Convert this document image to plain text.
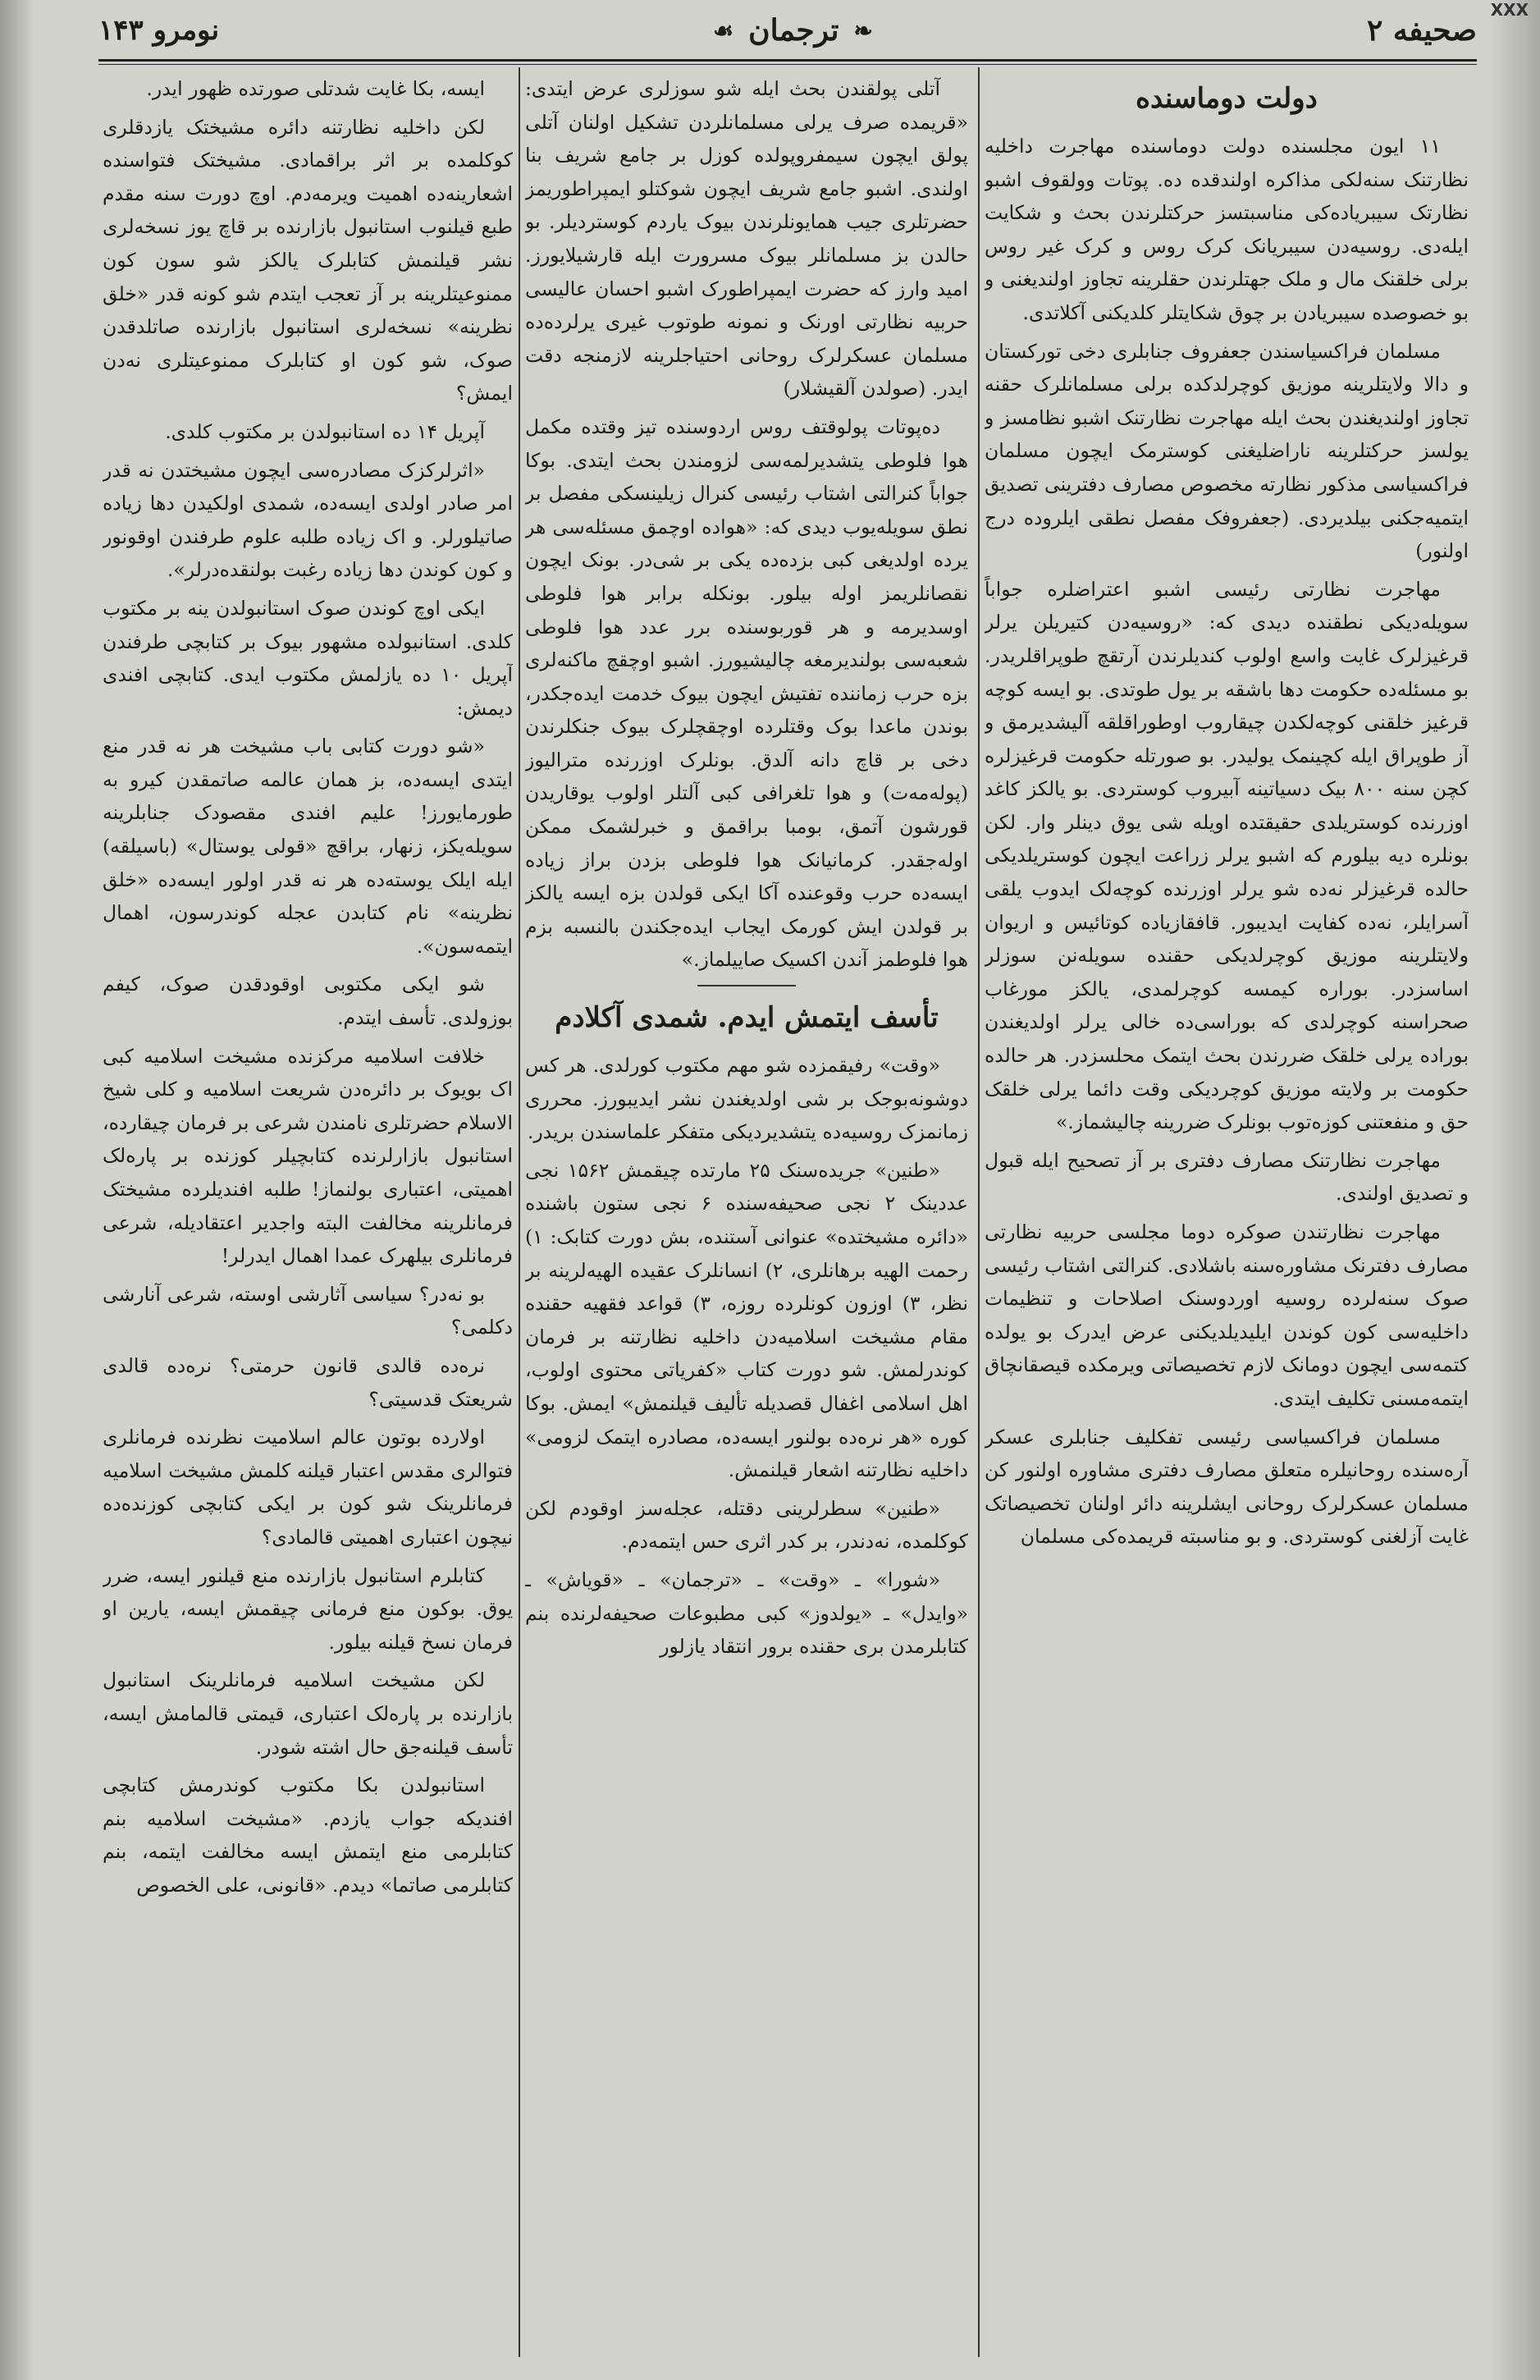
XXX
صحیفه ۲
❧
ترجمان
☙
نومرو ۱۴۳
دولت دوماسنده

۱۱ ایون مجلسنده دولت دوماسنده مهاجرت داخلیه نظارتنک سنه‌لکی مذاکره اولندقده ده. پوتات وولقوف اشبو نظارتک سیبریاده‌کی مناسبتسز حرکتلرندن بحث و شکایت ایله‌دی. روسیه‌دن سیبریانک کرک روس و کرک غیر روس برلی خلقنک مال و ملک جهتلرندن حقلرینه تجاوز اولندیغنی و بو خصوصده سیبریادن بر چوق شکایتلر کلدیکنی آکلاتدی.

مسلمان فراکسیاسندن جعفروف جنابلری دخی تورکستان و دالا ولایتلرینه موزیق کوچرلدکده برلی مسلمانلرک حقنه تجاوز اولندیغندن بحث ایله مهاجرت نظارتنک اشبو نظامسز و یولسز حرکتلرینه ناراضلیغنی کوسترمک ایچون مسلمان فراکسیاسی مذکور نظارته مخصوص مصارف دفترینی تصدیق ایتمیه‌جکنی بیلدیردی. (جعفروفک مفصل نطقی ایلروده درج اولنور)

مهاجرت نظارتی رئیسی اشبو اعتراضلره جواباً سویله‌دیکی نطقنده دیدی که: «روسیه‌دن کتیریلن یرلر قرغیزلرک غایت واسع اولوب کندیلرندن آرتقچ طوپراقلریدر. بو مسئله‌ده حکومت دها باشقه بر یول طوتدی. بو ایسه کوچه قرغیز خلقنی کوچه‌لکدن چیقاروب اوطوراقلقه آلیشدیرمق و آز طوپراق ایله کچینمک یولیدر. بو صورتله حکومت قرغیزلره کچن سنه ۸۰۰ بیک دسیاتینه آبیروب کوستردی. بو یالکز کاغد اوزرنده کوستریلدی حقیقتده اویله شی یوق دینلر وار. لکن بونلره دیه بیلورم که اشبو یرلر زراعت ایچون کوستریلدیکی حالده قرغیزلر نه‌ده شو یرلر اوزرنده کوچه‌لک ایدوب یلقی آسرایلر، نه‌ده کفایت ایدیبور. قافقازیاده کوتائیس و اریوان ولایتلرینه موزیق کوچرلدیکی حقنده سویله‌نن سوزلر اساسزدر. بوراره کیمسه کوچرلمدی، یالکز مورغاب صحراسنه کوچرلدی که بوراسی‌ده خالی یرلر اولدیغندن بوراده یرلی خلقک ضررندن بحث ایتمک محلسزدر. هر حالده حکومت بر ولایته موزیق کوچردیکی وقت دائما یرلی خلقک حق و منفعتنی کوزه‌توب بونلرک ضررینه چالیشماز.»

مهاجرت نظارتنک مصارف دفتری بر آز تصحیح ایله قبول و تصدیق اولندی.

مهاجرت نظارتندن صوکره دوما مجلسی حربیه نظارتی مصارف دفترنک مشاوره‌سنه باشلادی. کنرالتی اشتاب رئیسی صوک سنه‌لرده روسیه اوردوسنک اصلاحات و تنظیمات داخلیه‌سی کون کوندن ایلیدیلدیکنی عرض ایدرک بو یولده کتمه‌سی ایچون دومانک لازم تخصیصاتی ویرمکده قیصقانچاق ایتمه‌مسنی تکلیف ایتدی.

مسلمان فراکسیاسی رئیسی تفکلیف جنابلری عسکر آره‌سنده روحانیلره متعلق مصارف دفتری مشاوره اولنور کن مسلمان عسکرلرک روحانی ایشلرینه دائر اولنان تخصیصاتک غایت آزلغنی کوستردی. و بو مناسبته قریمده‌کی مسلمان

آتلی پولقندن بحث ایله شو سوزلری عرض ایتدی: «قریمده صرف یرلی مسلمانلردن تشکیل اولنان آتلی پولق ایچون سیمفروپولده کوزل بر جامع شریف بنا اولندی. اشبو جامع شریف ایچون شوکتلو ایمپراطوریمز حضرتلری جیب همایونلرندن بیوک یاردم کوستردیلر. بو حالدن بز مسلمانلر بیوک مسرورت ایله قارشیلایورز. امید وارز که حضرت ایمپراطورک اشبو احسان عالیسی حربیه نظارتی اورنک و نمونه طوتوب غیری یرلرده‌ده مسلمان عسکرلرک روحانی احتیاجلرینه لازمنجه دقت ایدر. (صولدن آلقیشلار)

دەپوتات پولوقتف روس اردوسنده تیز وقتده مکمل هوا فلوطی یتشدیرلمه‌سی لزومندن بحث ایتدی. بوکا جواباً کنرالتی اشتاب رئیسی کنرال زیلینسکی مفصل بر نطق سویله‌یوب دیدی که: «هواده اوچمق مسئله‌سی هر یرده اولدیغی کبی بزده‌ده یکی بر شی‌در. بونک ایچون نقصانلریمز اوله بیلور. بونکله برابر هوا فلوطی اوسدیرمه و هر قوربوسنده برر عدد هوا فلوطی شعبه‌سی بولندیرمغه چالیشیورز. اشبو اوچقچ ماکنه‌لری بزه حرب زماننده تفتیش ایچون بیوک خدمت ایده‌جکدر، بوندن ماعدا بوک وقتلرده اوچقچلرک بیوک جنکلرندن دخی بر قاچ دانه آلدق. بونلرک اوزرنده متراليوز (پولەمەت) و هوا تلغرافی کبی آلتلر اولوب یوقاریدن قورشون آتمق، بومبا براقمق و خبرلشمک ممکن اوله‌جقدر. کرمانیانک هوا فلوطی بزدن براز زیاده ایسه‌ده حرب وقوعنده آکا ایکی قولدن بزه ایسه یالکز بر قولدن ایش کورمک ایجاب ایده‌جکندن بالنسبه بزم هوا فلوطمز آندن اکسیک صاییلماز.»

تأسف ایتمش ایدم. شمدی آکلادم

«وقت» رفیقمزده شو مهم مکتوب کورلدی. هر کس دوشونه‌بوجک بر شی اولدیغندن نشر ایدیبورز. محرری زمانمزک روسیه‌ده یتشدیردیکی متفکر علماسندن بریدر.

«طنین» جریده‌سنک ۲۵ مارتده چیقمش ۱۵۶۲ نجی عددینک ۲ نجی صحیفه‌سنده ۶ نجی ستون باشنده «دائره مشیختده» عنوانی آستنده، بش دورت کتابک: ۱) رحمت الهیه برهانلری، ۲) انسانلرک عقیده الهیه‌لرینه بر نظر، ۳) اوزون کونلرده روزه، ۳) قواعد فقهیه حقنده مقام مشیخت اسلامیه‌دن داخلیه نظارتنه بر فرمان کوندرلمش. شو دورت کتاب «کفریاتی محتوی اولوب، اهل اسلامی اغفال قصدیله تألیف قیلنمش» ایمش. بوکا کوره «هر نره‌ده بولنور ایسه‌ده، مصادره ایتمک لزومی» داخلیه نظارتنه اشعار قیلنمش.

«طنین» سطرلرینی دقتله، عجله‌سز اوقودم لکن کوکلمده، نه‌دندر، بر کدر اثری حس ایتمه‌دم.

«شورا» ـ «وقت» ـ «ترجمان» ـ «قویاش» ـ «وایدل» ـ «یولدوز» کبی مطبوعات صحیفه‌لرنده بنم کتابلرمدن بری حقنده برور انتقاد یازلور

ایسه، بکا غایت شدتلی صورتده ظهور ایدر.

لکن داخلیه نظارتنه دائره مشیختک یازدقلری کوکلمده بر اثر براقمادی. مشیختک فتواسنده اشعارینه‌ده اهمیت ویرمه‌دم. اوچ دورت سنه مقدم طبع قیلنوب استانبول بازارنده بر قاچ یوز نسخه‌لری نشر قیلنمش کتابلرک یالکز شو سون کون ممنوعیتلرینه بر آز تعجب ایتدم شو کونه قدر «خلق نظرینه» نسخه‌لری استانبول بازارنده صاتلدقدن صوک، شو کون او کتابلرک ممنوعیتلری نه‌دن ایمش؟

آپریل ۱۴ ده استانبولدن بر مکتوب کلدی.

«اثرلرکزک مصادره‌سی ایچون مشیختدن نه قدر امر صادر اولدی ایسه‌ده، شمدی اولکیدن دها زیاده صاتیلورلر. و اک زیاده طلبه علوم طرفندن اوقونور و کون کوندن دها زیاده رغبت بولنقده‌درلر».

ایکی اوچ کوندن صوک استانبولدن ینه بر مکتوب کلدی. استانبولده مشهور بیوک بر کتابچی طرفندن آپریل ۱۰ ده یازلمش مکتوب ایدی. کتابچی افندی دیمش:

«شو دورت کتابی باب مشیخت هر نه قدر منع ایتدی ایسه‌ده، بز همان عالمه صاتمقدن کیرو به طورمایورز! علیم افندی مقصودک جنابلرینه سویله‌یکز، زنهار، براقچ «قولی یوستال» (باسیلقه) ایله ایلک یوسته‌ده هر نه قدر اولور ایسه‌ده «خلق نظرینه» نام کتابدن عجله کوندرسون، اهمال ایتمه‌سون».

شو ایکی مکتوبی اوقودقدن صوک، کیفم بوزولدی. تأسف ایتدم.

خلافت اسلامیه مرکزنده مشیخت اسلامیه کبی اک بویوک بر دائره‌دن شریعت اسلامیه و کلی شیخ الاسلام حضرتلری نامندن شرعی بر فرمان چیقارده، استانبول بازارلرنده کتابچیلر کوزنده بر پاره‌لک اهمیتی، اعتباری بولنماز! طلبه افندیلرده مشیختک فرمانلرینه مخالفت البته واجدیر اعتقادیله، شرعی فرمانلری بیلهرک عمدا اهمال ایدرلر!

بو نه‌در؟ سیاسی آثارشی اوسته، شرعی آنارشی دکلمی؟

نره‌ده قالدی قانون حرمتی؟ نره‌ده قالدی شریعتک قدسیتی؟

اولارده بوتون عالم اسلامیت نظرنده فرمانلری فتوالری مقدس اعتبار قیلنه کلمش مشیخت اسلامیه فرمانلرینک شو کون بر ایکی کتابچی کوزنده‌ده نیچون اعتباری اهمیتی قالمادی؟

کتابلرم استانبول بازارنده منع قیلنور ایسه، ضرر یوق. بوکون منع فرمانی چیقمش ایسه، یارین او فرمان نسخ قیلنه بیلور.

لکن مشیخت اسلامیه فرمانلرینک استانبول بازارنده بر پاره‌لک اعتباری، قیمتی قالمامش ایسه، تأسف قیلنه‌جق حال اشته شودر.

استانبولدن بکا مکتوب کوندرمش کتابچی افندیکه جواب یازدم. «مشیخت اسلامیه بنم کتابلرمی منع ایتمش ایسه مخالفت ایتمه، بنم کتابلرمی صاتما» دیدم. «قانونی، علی الخصوص
